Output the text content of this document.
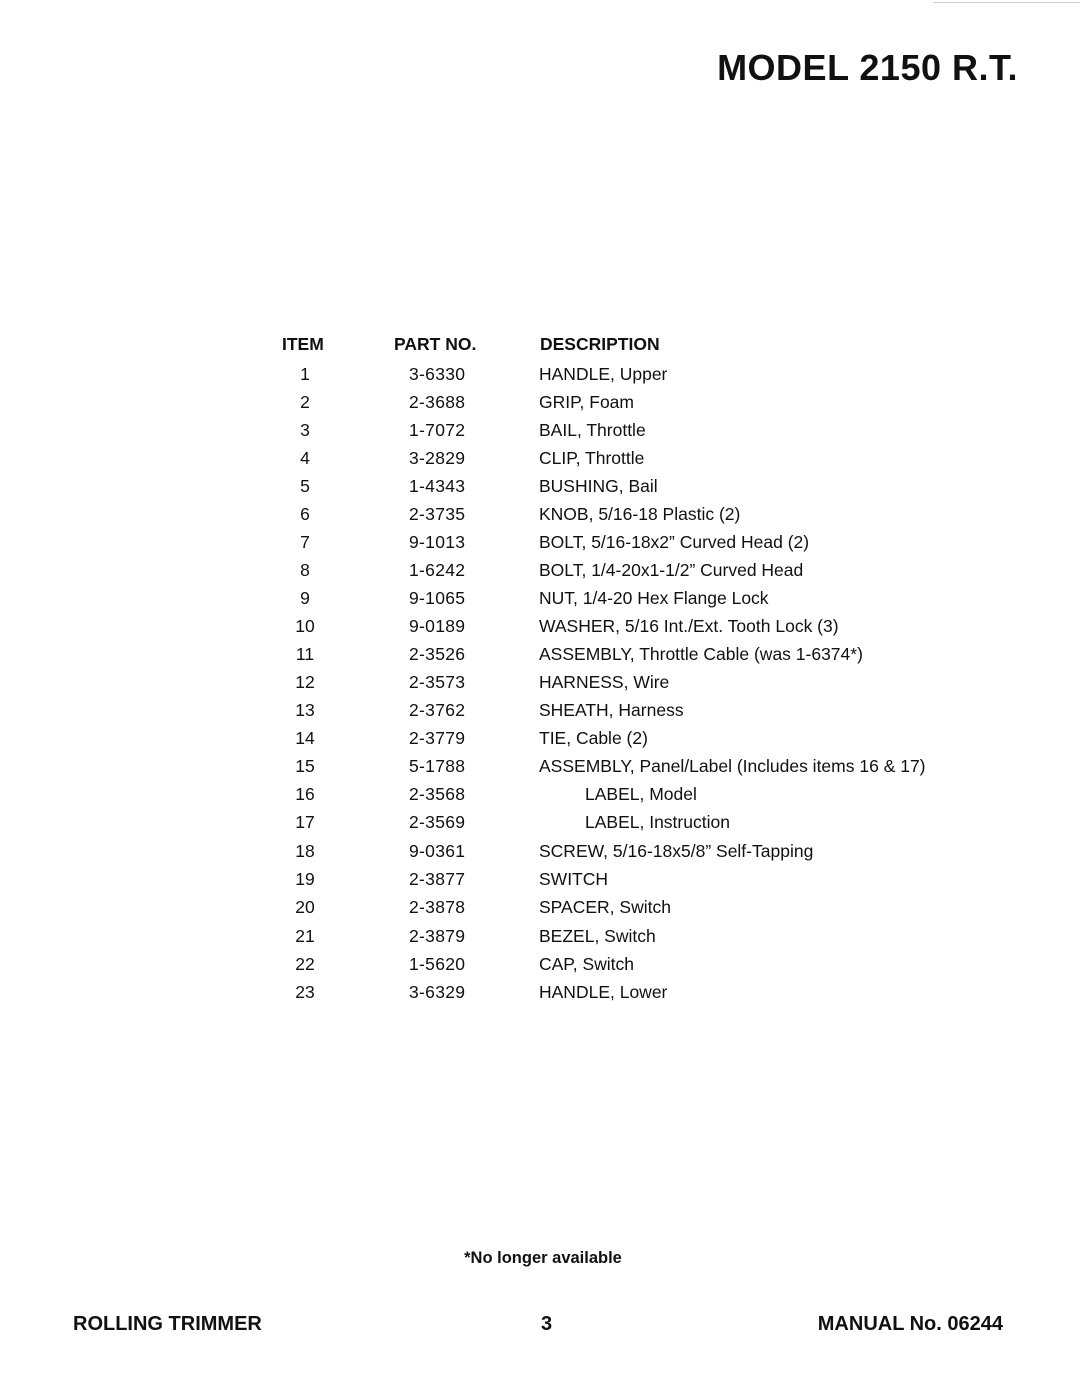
MODEL 2150 R.T.
ITEM	PART NO.	DESCRIPTION
1	3-6330	HANDLE, Upper
2	2-3688	GRIP, Foam
3	1-7072	BAIL, Throttle
4	3-2829	CLIP, Throttle
5	1-4343	BUSHING, Bail
6	2-3735	KNOB, 5/16-18 Plastic (2)
7	9-1013	BOLT, 5/16-18x2” Curved Head (2)
8	1-6242	BOLT, 1/4-20x1-1/2” Curved Head
9	9-1065	NUT, 1/4-20 Hex Flange Lock
10	9-0189	WASHER, 5/16 Int./Ext. Tooth Lock (3)
11	2-3526	ASSEMBLY, Throttle Cable (was 1-6374*)
12	2-3573	HARNESS, Wire
13	2-3762	SHEATH, Harness
14	2-3779	TIE, Cable (2)
15	5-1788	ASSEMBLY, Panel/Label (Includes items 16 & 17)
16	2-3568	LABEL, Model
17	2-3569	LABEL, Instruction
18	9-0361	SCREW, 5/16-18x5/8” Self-Tapping
19	2-3877	SWITCH
20	2-3878	SPACER, Switch
21	2-3879	BEZEL, Switch
22	1-5620	CAP, Switch
23	3-6329	HANDLE, Lower
*No longer available
ROLLING TRIMMER	3	MANUAL No. 06244
